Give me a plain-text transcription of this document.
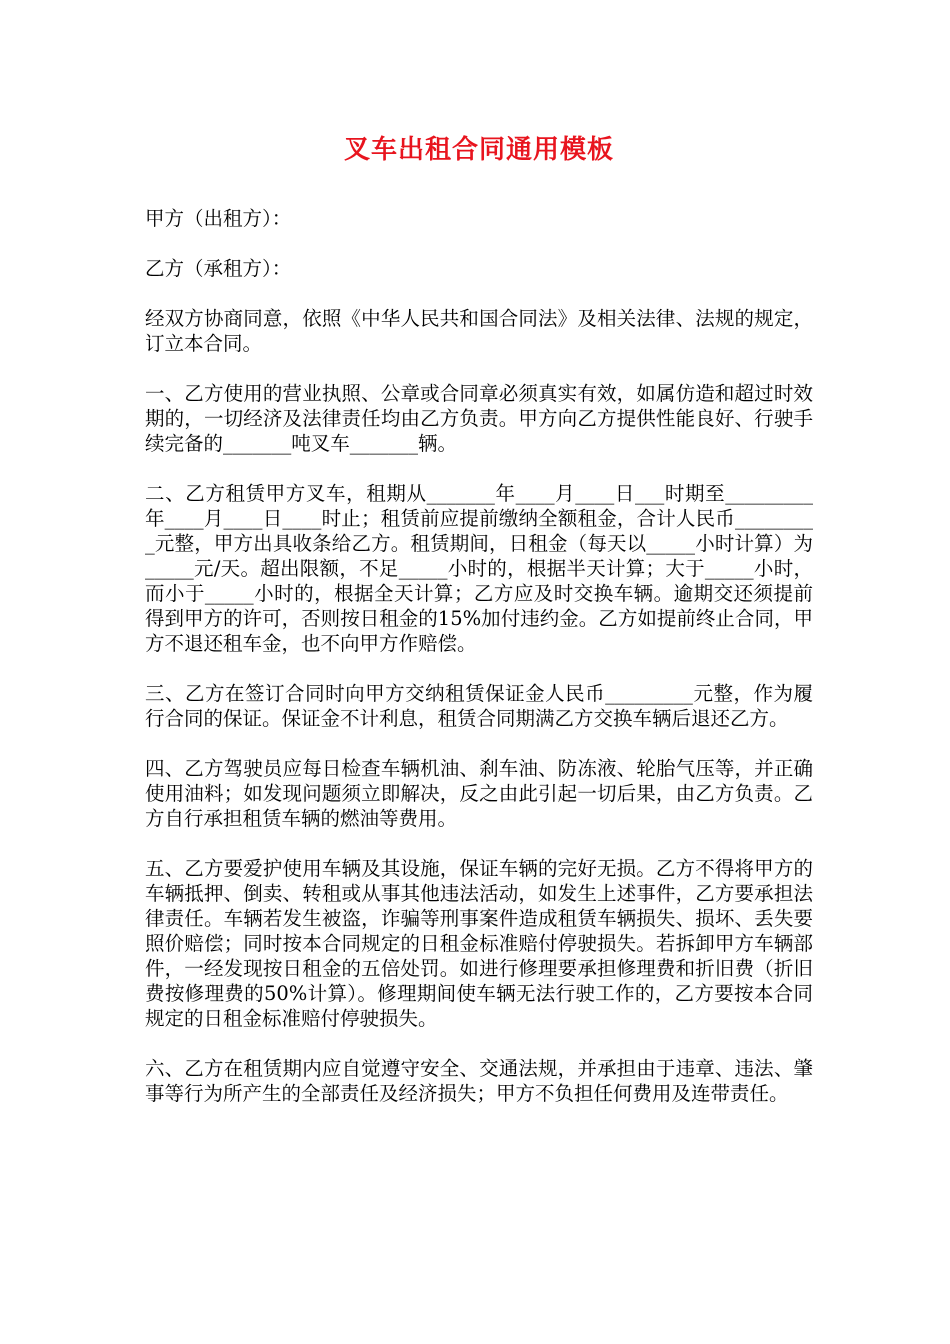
叉车出租合同通用模板

甲方（出租方）：

乙方（承租方）：

经双方协商同意，依照《中华人民共和国合同法》及相关法律、法规的规定，订立本合同。

一、乙方使用的营业执照、公章或合同章必须真实有效，如属仿造和超过时效期的，一切经济及法律责任均由乙方负责。甲方向乙方提供性能良好、行驶手续完备的_______吨叉车_______辆。

二、乙方租赁甲方叉车，租期从_______年____月____日___时期至_________年____月____日____时止；租赁前应提前缴纳全额租金，合计人民币_________元整，甲方出具收条给乙方。租赁期间，日租金（每天以_____小时计算）为_____元/天。超出限额，不足_____小时的，根据半天计算；大于_____小时，而小于_____小时的，根据全天计算；乙方应及时交换车辆。逾期交还须提前得到甲方的许可，否则按日租金的15%加付违约金。乙方如提前终止合同，甲方不退还租车金，也不向甲方作赔偿。

三、乙方在签订合同时向甲方交纳租赁保证金人民币_________元整，作为履行合同的保证。保证金不计利息，租赁合同期满乙方交换车辆后退还乙方。

四、乙方驾驶员应每日检查车辆机油、刹车油、防冻液、轮胎气压等，并正确使用油料；如发现问题须立即解决，反之由此引起一切后果，由乙方负责。乙方自行承担租赁车辆的燃油等费用。

五、乙方要爱护使用车辆及其设施，保证车辆的完好无损。乙方不得将甲方的车辆抵押、倒卖、转租或从事其他违法活动，如发生上述事件，乙方要承担法律责任。车辆若发生被盗，诈骗等刑事案件造成租赁车辆损失、损坏、丢失要照价赔偿；同时按本合同规定的日租金标准赔付停驶损失。若拆卸甲方车辆部件，一经发现按日租金的五倍处罚。如进行修理要承担修理费和折旧费（折旧费按修理费的50%计算）。修理期间使车辆无法行驶工作的，乙方要按本合同规定的日租金标准赔付停驶损失。

六、乙方在租赁期内应自觉遵守安全、交通法规，并承担由于违章、违法、肇事等行为所产生的全部责任及经济损失；甲方不负担任何费用及连带责任。
